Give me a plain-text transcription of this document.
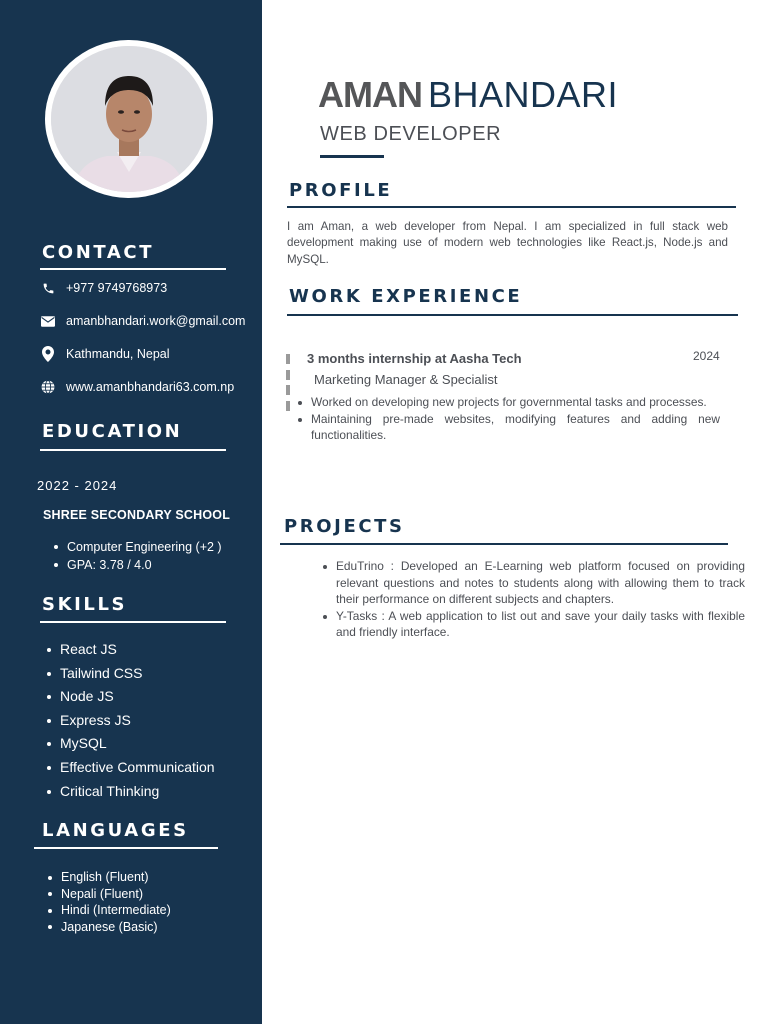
CONTACT
+977 9749768973
amanbhandari.work@gmail.com
Kathmandu, Nepal
www.amanbhandari63.com.np
EDUCATION
2022 - 2024
SHREE SECONDARY SCHOOL
Computer Engineering (+2 )
GPA: 3.78 / 4.0
SKILLS
React JS
Tailwind CSS
Node JS
Express JS
MySQL
Effective Communication
Critical Thinking
LANGUAGES
English (Fluent)
Nepali (Fluent)
Hindi (Intermediate)
Japanese (Basic)
AMAN BHANDARI
WEB DEVELOPER
PROFILE

I am Aman, a web developer from Nepal. I am specialized in full stack web development making use of modern web technologies like React.js, Node.js and MySQL.

WORK EXPERIENCE
3 months internship at Aasha Tech	2024
Marketing Manager & Specialist
Worked on developing new projects for governmental tasks and processes.
Maintaining pre-made websites, modifying features and adding new functionalities.
PROJECTS
EduTrino : Developed an E-Learning web platform focused on providing relevant questions and notes to students along with allowing them to track their performance on different subjects and chapters.
Y-Tasks : A web application to list out and save your daily tasks with flexible and friendly interface.
